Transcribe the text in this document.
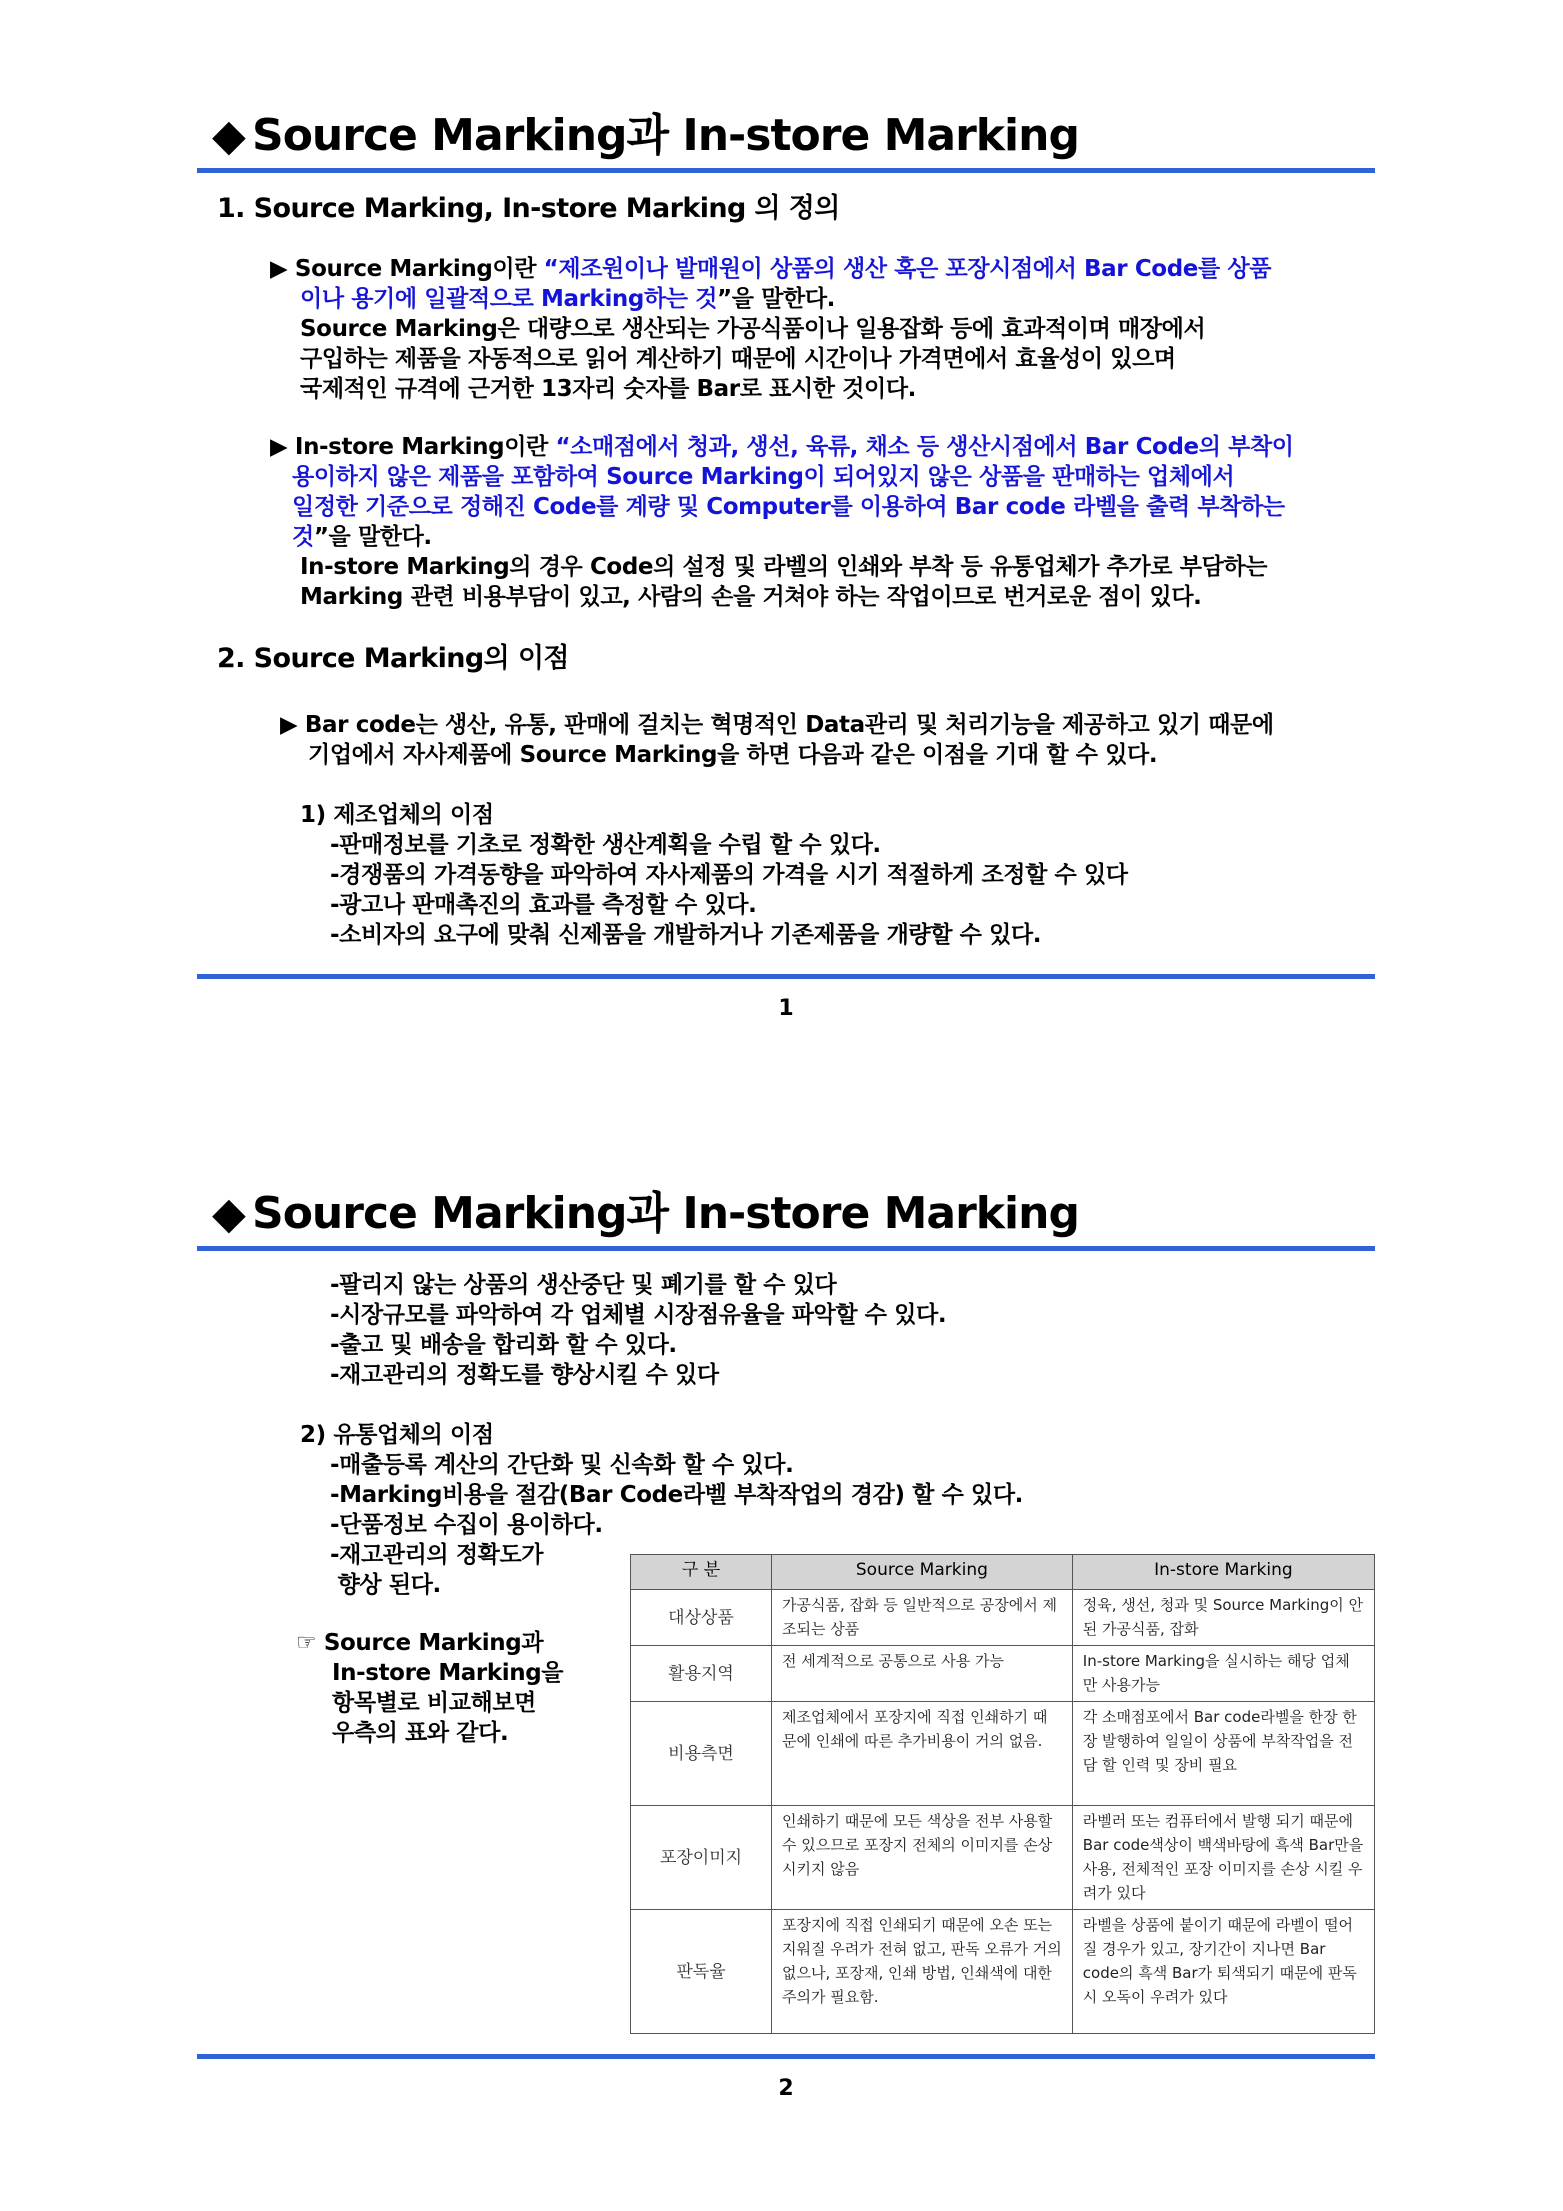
◆ Source Marking과 In-store Marking
1. Source Marking, In-store Marking 의 정의
▶ Source Marking이란 “제조원이나 발매원이 상품의 생산 혹은 포장시점에서 Bar Code를 상품
이나 용기에 일괄적으로 Marking하는 것”을 말한다.
Source Marking은 대량으로 생산되는 가공식품이나 일용잡화 등에 효과적이며 매장에서
구입하는 제품을 자동적으로 읽어 계산하기 때문에 시간이나 가격면에서 효율성이 있으며
국제적인 규격에 근거한 13자리 숫자를 Bar로 표시한 것이다.
▶ In-store Marking이란 “소매점에서 청과, 생선, 육류, 채소 등 생산시점에서 Bar Code의 부착이
용이하지 않은 제품을 포함하여 Source Marking이 되어있지 않은 상품을 판매하는 업체에서
일정한 기준으로 정해진 Code를 계량 및 Computer를 이용하여 Bar code 라벨을 출력 부착하는
것”을 말한다.
In-store Marking의 경우 Code의 설정 및 라벨의 인쇄와 부착 등 유통업체가 추가로 부담하는
Marking 관련 비용부담이 있고, 사람의 손을 거쳐야 하는 작업이므로 번거로운 점이 있다.
2. Source Marking의 이점
▶ Bar code는 생산, 유통, 판매에 걸치는 혁명적인 Data관리 및 처리기능을 제공하고 있기 때문에
기업에서 자사제품에 Source Marking을 하면 다음과 같은 이점을 기대 할 수 있다.
1) 제조업체의 이점
-판매정보를 기초로 정확한 생산계획을 수립 할 수 있다.
-경쟁품의 가격동향을 파악하여 자사제품의 가격을 시기 적절하게 조정할 수 있다
-광고나 판매촉진의 효과를 측정할 수 있다.
-소비자의 요구에 맞춰 신제품을 개발하거나 기존제품을 개량할 수 있다.
1
◆ Source Marking과 In-store Marking
-팔리지 않는 상품의 생산중단 및 폐기를 할 수 있다
-시장규모를 파악하여 각 업체별 시장점유율을 파악할 수 있다.
-출고 및 배송을 합리화 할 수 있다.
-재고관리의 정확도를 향상시킬 수 있다
2) 유통업체의 이점
-매출등록 계산의 간단화 및 신속화 할 수 있다.
-Marking비용을 절감(Bar Code라벨 부착작업의 경감) 할 수 있다.
-단품정보 수집이 용이하다.
-재고관리의 정확도가
향상 된다.
☞ Source Marking과
In-store Marking을
항목별로 비교해보면
우측의 표와 같다.
구 분	Source Marking	In-store Marking
대상상품	가공식품, 잡화 등 일반적으로 공장에서 제조되는 상품	정육, 생선, 청과 및 Source Marking이 안된 가공식품, 잡화
활용지역	전 세계적으로 공통으로 사용 가능	In-store Marking을 실시하는 해당 업체만 사용가능
비용측면	제조업체에서 포장지에 직접 인쇄하기 때문에 인쇄에 따른 추가비용이 거의 없음.	각 소매점포에서 Bar code라벨을 한장 한장 발행하여 일일이 상품에 부착작업을 전담 할 인력 및 장비 필요
포장이미지	인쇄하기 때문에 모든 색상을 전부 사용할 수 있으므로 포장지 전체의 이미지를 손상 시키지 않음	라벨러 또는 컴퓨터에서 발행 되기 때문에 Bar code색상이 백색바탕에 흑색 Bar만을 사용, 전체적인 포장 이미지를 손상 시킬 우려가 있다
판독율	포장지에 직접 인쇄되기 때문에 오손 또는 지워질 우려가 전혀 없고, 판독 오류가 거의 없으나, 포장재, 인쇄 방법, 인쇄색에 대한 주의가 필요함.	라벨을 상품에 붙이기 때문에 라벨이 떨어질 경우가 있고, 장기간이 지나면 Bar code의 흑색 Bar가 퇴색되기 때문에 판독시 오독이 우려가 있다
2
